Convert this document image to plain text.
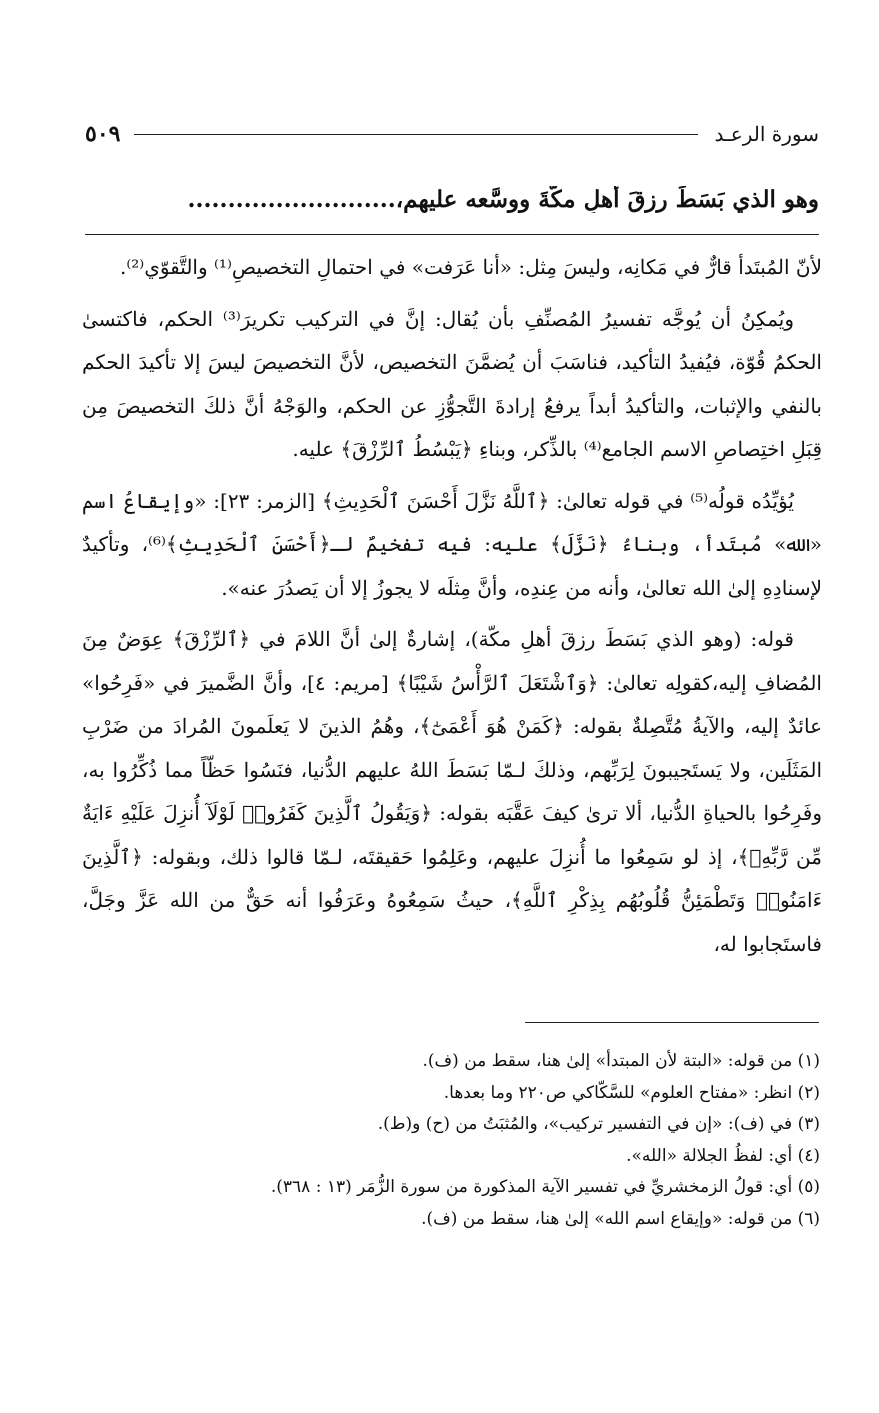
سورة الرعـد
٥٠٩
وهو الذي بَسَطَ رزقَ أهلِ مكّةَ ووسَّعه عليهم،..........................

لأنّ المُبتَدأ قارٌّ في مَكانِه، وليسَ مِثل: «أنا عَرَفت» في احتمالِ التخصيصِ⁽¹⁾ والتَّقوّي⁽²⁾.

ويُمكِنُ أن يُوجَّه تفسيرُ المُصنِّفِ بأن يُقال: إنَّ في التركيب تكريرَ⁽³⁾ الحكم، فاكتسىٰ الحكمُ قُوّة، فيُفيدُ التأكيد، فناسَبَ أن يُضمَّنَ التخصيص، لأنَّ التخصيصَ ليسَ إلا تأكيدَ الحكم بالنفي والإثبات، والتأكيدُ أبداً يرفعُ إرادةَ التَّجوُّزِ عن الحكم، والوَجْهُ أنَّ ذلكَ التخصيصَ مِن قِبَلِ اختِصاصِ الاسم الجامع⁽⁴⁾ بالذِّكر، وبناءِ ﴿يَبْسُطُ ٱلرِّزْقَ﴾ عليه.

يُؤيِّدُه قولُه⁽⁵⁾ في قوله تعالىٰ: ﴿ٱللَّهُ نَزَّلَ أَحْسَنَ ٱلْحَدِيثِ﴾ [الزمر: ٢٣]: «وإيقاعُ اسم «الله» مُبتَدأ، وبناءُ ﴿نَزَّلَ﴾ عليه: فيه تفخيمٌ لـ﴿أَحْسَنَ ٱلْحَدِيثِ﴾⁽⁶⁾، وتأكيدٌ لإسنادِهِ إلىٰ الله تعالىٰ، وأنه من عِندِه، وأنَّ مِثلَه لا يجوزُ إلا أن يَصدُرَ عنه».

قوله: (وهو الذي بَسَطَ رزقَ أهلِ مكّة)، إشارةٌ إلىٰ أنَّ اللامَ في ﴿ٱلرِّزْقَ﴾ عِوَضٌ مِنَ المُضافِ إليه،كقولِه تعالىٰ: ﴿وَٱشْتَعَلَ ٱلرَّأْسُ شَيْبًا﴾ [مريم: ٤]، وأنَّ الضَّميرَ في «فَرِحُوا» عائدٌ إليه، والآيةُ مُتَّصِلةٌ بقوله: ﴿كَمَنْ هُوَ أَعْمَىٰٓ﴾، وهُمُ الذينَ لا يَعلَمونَ المُرادَ من ضَرْبِ المَثَلَين، ولا يَستَجيبونَ لِرَبِّهم، وذلكَ لـمّا بَسَطَ اللهُ عليهم الدُّنيا، فنَسُوا حَظّاً مما ذُكِّرُوا به، وفَرِحُوا بالحياةِ الدُّنيا، ألا ترىٰ كيفَ عَقَّبَه بقوله: ﴿وَيَقُولُ ٱلَّذِينَ كَفَرُوا۟ لَوْلَآ أُنزِلَ عَلَيْهِ ءَايَةٌ مِّن رَّبِّهِۦ﴾، إذ لو سَمِعُوا ما أُنزِلَ عليهم، وعَلِمُوا حَقيقتَه، لـمّا قالوا ذلك، وبقوله: ﴿ٱلَّذِينَ ءَامَنُوا۟ وَتَطْمَئِنُّ قُلُوبُهُم بِذِكْرِ ٱللَّهِ﴾، حيثُ سَمِعُوهُ وعَرَفُوا أنه حَقٌّ من الله عَزَّ وجَلَّ، فاستَجابوا له،

(١) من قوله: «البتة لأن المبتدأ» إلىٰ هنا، سقط من (ف).

(٢) انظر: «مفتاح العلوم» للسَّكّاكي ص٢٢٠ وما بعدها.

(٣) في (ف): «إن في التفسير تركيب»، والمُثبَتُ من (ح) و(ط).

(٤) أي: لفظُ الجلالة «الله».

(٥) أي: قولُ الزمخشريِّ في تفسير الآية المذكورة من سورة الزُّمَر (١٣ : ٣٦٨).

(٦) من قوله: «وإيقاع اسم الله» إلىٰ هنا، سقط من (ف).
